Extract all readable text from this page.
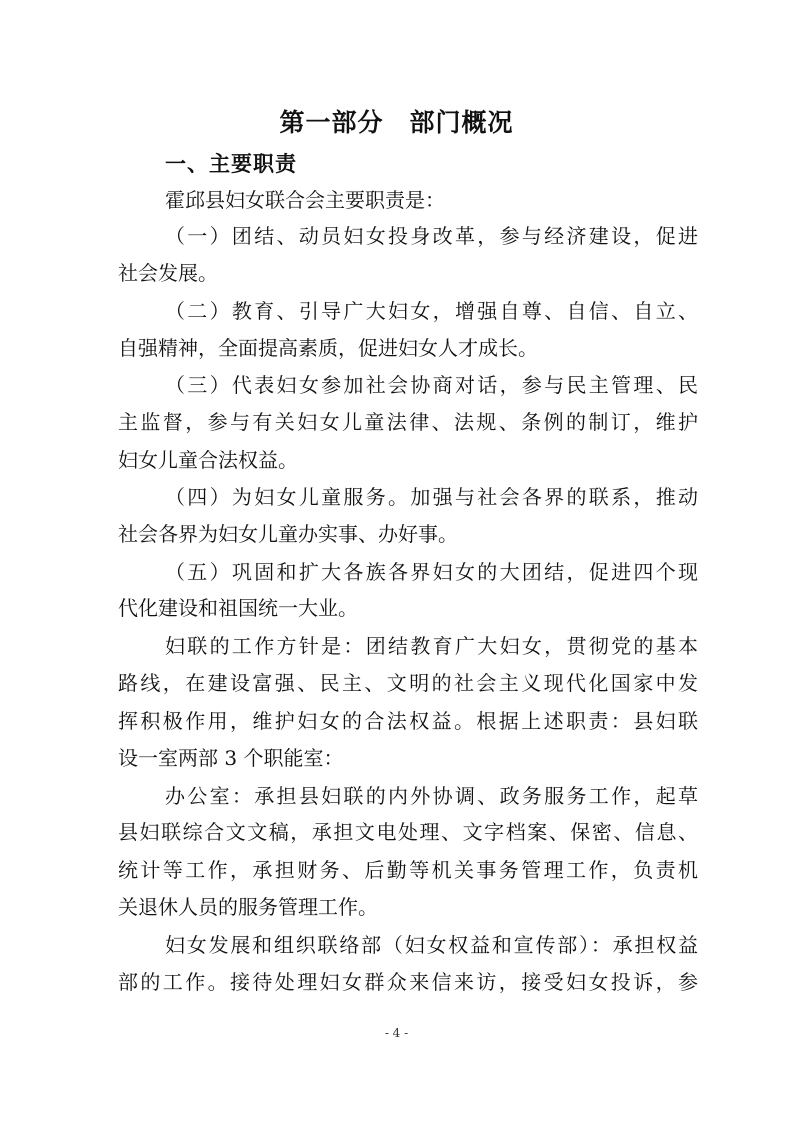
第一部分　部门概况
一、主要职责
霍邱县妇女联合会主要职责是：
（一）团结、动员妇女投身改革，参与经济建设，促进
社会发展。
（二）教育、引导广大妇女，增强自尊、自信、自立、
自强精神，全面提高素质，促进妇女人才成长。
（三）代表妇女参加社会协商对话，参与民主管理、民
主监督，参与有关妇女儿童法律、法规、条例的制订，维护
妇女儿童合法权益。
（四）为妇女儿童服务。加强与社会各界的联系，推动
社会各界为妇女儿童办实事、办好事。
（五）巩固和扩大各族各界妇女的大团结，促进四个现
代化建设和祖国统一大业。
妇联的工作方针是：团结教育广大妇女，贯彻党的基本
路线，在建设富强、民主、文明的社会主义现代化国家中发
挥积极作用，维护妇女的合法权益。根据上述职责：县妇联
设一室两部 3 个职能室：
办公室：承担县妇联的内外协调、政务服务工作，起草
县妇联综合文文稿，承担文电处理、文字档案、保密、信息、
统计等工作，承担财务、后勤等机关事务管理工作，负责机
关退休人员的服务管理工作。
妇女发展和组织联络部（妇女权益和宣传部）：承担权益
部的工作。接待处理妇女群众来信来访，接受妇女投诉，参
- 4 -
